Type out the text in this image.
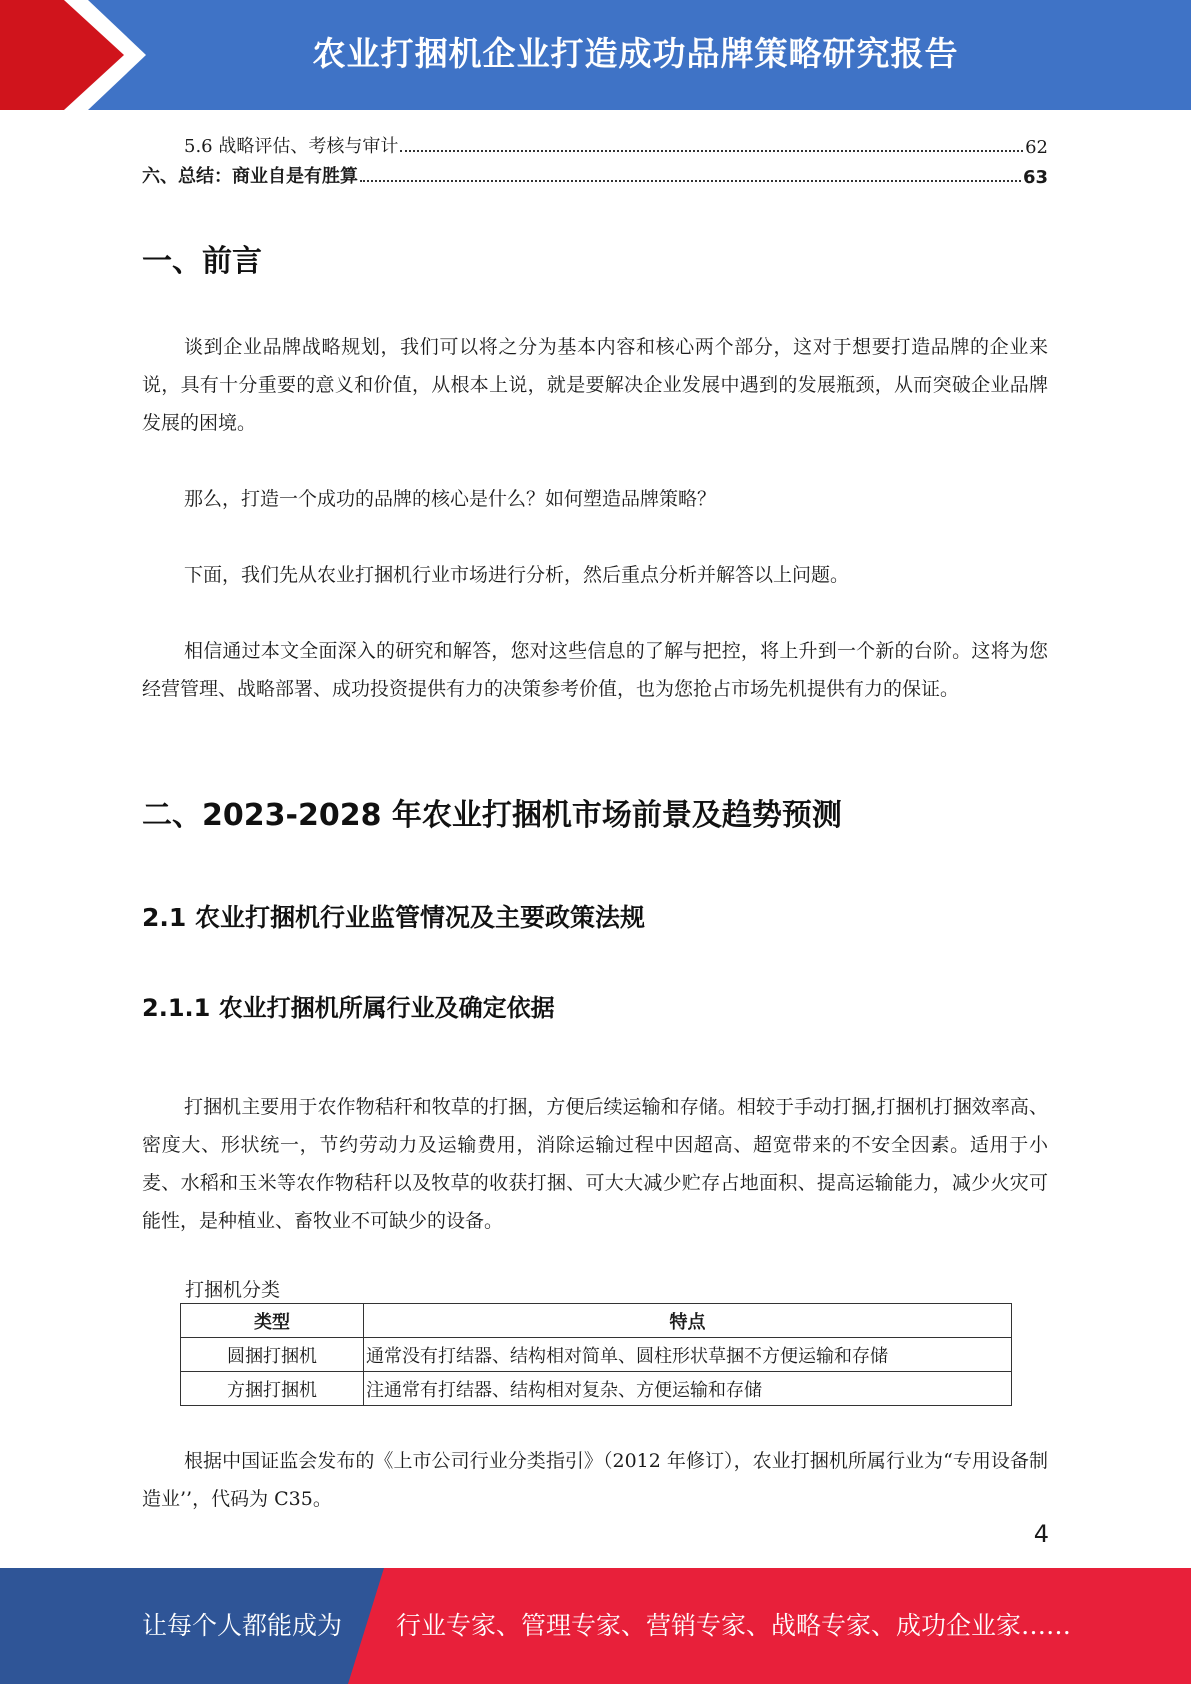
农业打捆机企业打造成功品牌策略研究报告
5.6 战略评估、考核与审计	62
六、总结：商业自是有胜算	63
一、前言

谈到企业品牌战略规划，我们可以将之分为基本内容和核心两个部分，这对于想要打造品牌的企业来说，具有十分重要的意义和价值，从根本上说，就是要解决企业发展中遇到的发展瓶颈，从而突破企业品牌发展的困境。

那么，打造一个成功的品牌的核心是什么？如何塑造品牌策略？

下面，我们先从农业打捆机行业市场进行分析，然后重点分析并解答以上问题。

相信通过本文全面深入的研究和解答，您对这些信息的了解与把控，将上升到一个新的台阶。这将为您经营管理、战略部署、成功投资提供有力的决策参考价值，也为您抢占市场先机提供有力的保证。

二、2023-2028 年农业打捆机市场前景及趋势预测
2.1 农业打捆机行业监管情况及主要政策法规
2.1.1 农业打捆机所属行业及确定依据

打捆机主要用于农作物秸秆和牧草的打捆，方便后续运输和存储。相较于手动打捆,打捆机打捆效率高、密度大、形状统一，节约劳动力及运输费用，消除运输过程中因超高、超宽带来的不安全因素。适用于小麦、水稻和玉米等农作物秸秆以及牧草的收获打捆、可大大减少贮存占地面积、提高运输能力，减少火灾可能性，是种植业、畜牧业不可缺少的设备。

打捆机分类
类型	特点
圆捆打捆机	通常没有打结器、结构相对简单、圆柱形状草捆不方便运输和存储
方捆打捆机	注通常有打结器、结构相对复杂、方便运输和存储

根据中国证监会发布的《上市公司行业分类指引》（2012 年修订），农业打捆机所属行业为“专用设备制造业’’，代码为 C35。

4
让每个人都能成为 行业专家、管理专家、营销专家、战略专家、成功企业家……
